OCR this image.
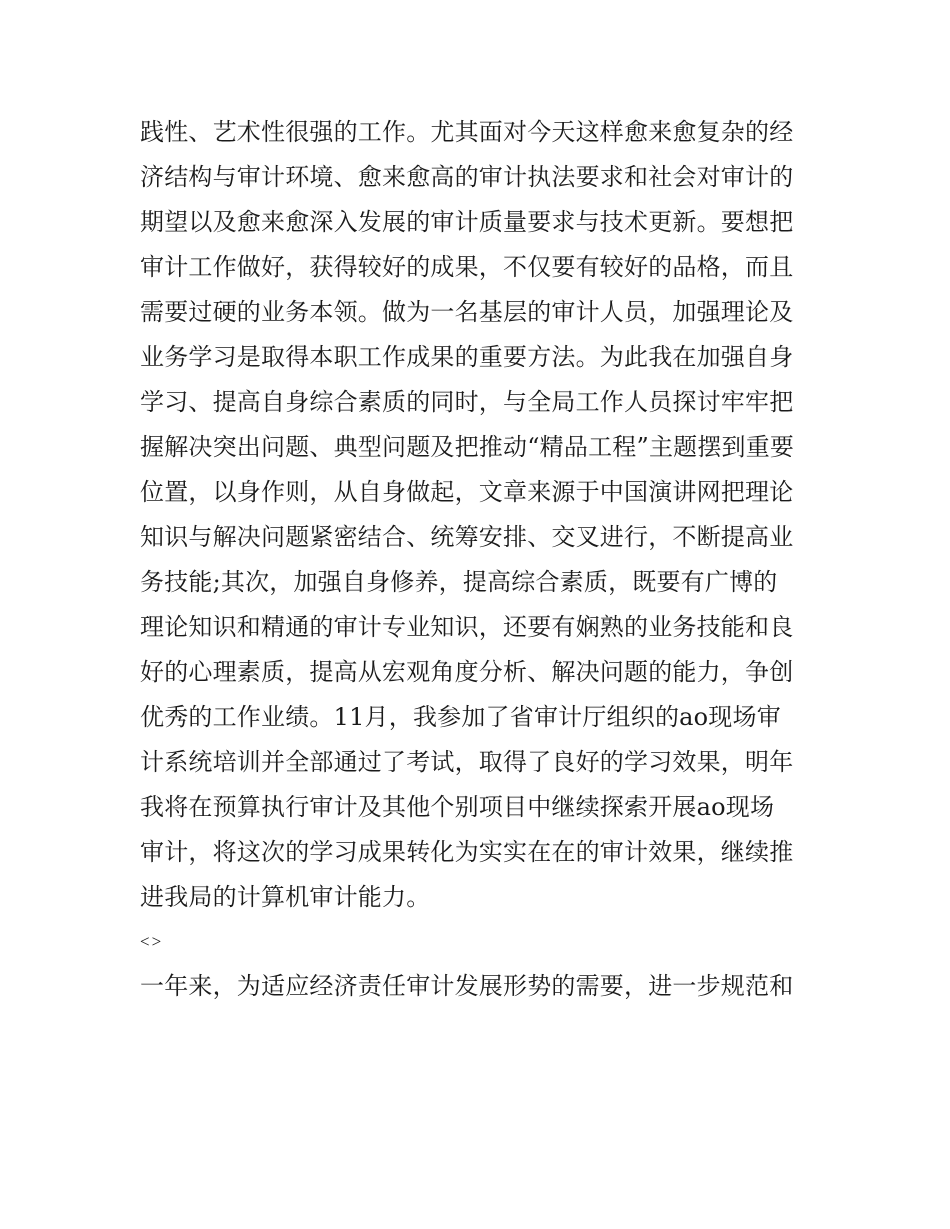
践性、艺术性很强的工作。尤其面对今天这样愈来愈复杂的经
济结构与审计环境、愈来愈高的审计执法要求和社会对审计的
期望以及愈来愈深入发展的审计质量要求与技术更新。要想把
审计工作做好，获得较好的成果，不仅要有较好的品格，而且
需要过硬的业务本领。做为一名基层的审计人员，加强理论及
业务学习是取得本职工作成果的重要方法。为此我在加强自身
学习、提高自身综合素质的同时，与全局工作人员探讨牢牢把
握解决突出问题、典型问题及把推动“精品工程”主题摆到重要
位置，以身作则，从自身做起，文章来源于中国演讲网把理论
知识与解决问题紧密结合、统筹安排、交叉进行，不断提高业
务技能;其次，加强自身修养，提高综合素质，既要有广博的
理论知识和精通的审计专业知识，还要有娴熟的业务技能和良
好的心理素质，提高从宏观角度分析、解决问题的能力，争创
优秀的工作业绩。11月，我参加了省审计厅组织的ao现场审
计系统培训并全部通过了考试，取得了良好的学习效果，明年
我将在预算执行审计及其他个别项目中继续探索开展ao现场
审计，将这次的学习成果转化为实实在在的审计效果，继续推
进我局的计算机审计能力。
<>
一年来，为适应经济责任审计发展形势的需要，进一步规范和
